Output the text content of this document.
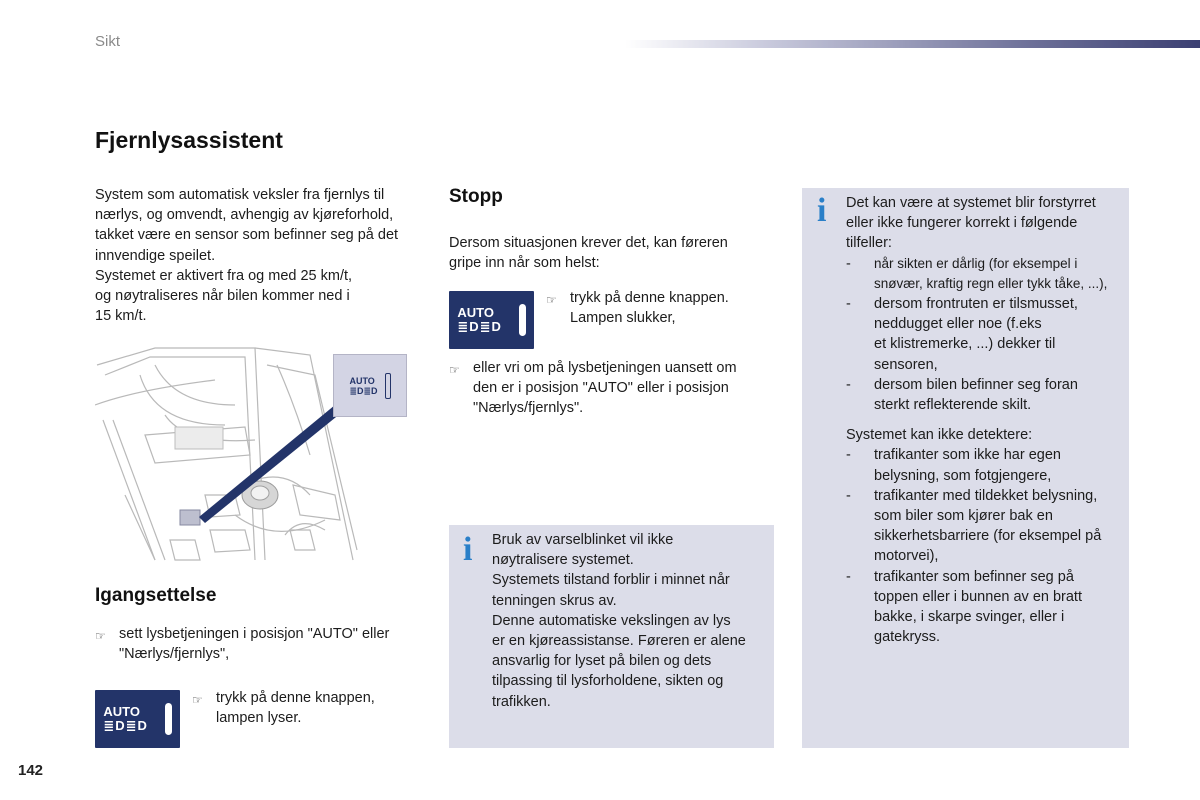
Sikt
Fjernlysassistent
System som automatisk veksler fra fjernlys til
nærlys, og omvendt, avhengig av kjøreforhold,
takket være en sensor som befinner seg på det
innvendige speilet.
Systemet er aktivert fra og med 25 km/t,
og nøytraliseres når bilen kommer ned i
15 km/t.
AUTO
≣D≣D
Igangsettelse
☞ sett lysbetjeningen i posisjon "AUTO" eller
"Nærlys/fjernlys",
AUTO
≣D≣D
☞ trykk på denne knappen,
lampen lyser.
Stopp
Dersom situasjonen krever det, kan føreren
gripe inn når som helst:
AUTO
≣D≣D
☞ trykk på denne knappen.
Lampen slukker,
☞ eller vri om på lysbetjeningen uansett om
den er i posisjon "AUTO" eller i posisjon
"Nærlys/fjernlys".
i Bruk av varselblinket vil ikke
nøytralisere systemet.
Systemets tilstand forblir i minnet når
tenningen skrus av.
Denne automatiske vekslingen av lys
er en kjøreassistanse. Føreren er alene
ansvarlig for lyset på bilen og dets
tilpassing til lysforholdene, sikten og
trafikken.
i Det kan være at systemet blir forstyrret
eller ikke fungerer korrekt i følgende
tilfeller:
-	når sikten er dårlig (for eksempel i
snøvær, kraftig regn eller tykk tåke, ...),
-	dersom frontruten er tilsmusset,
neddugget eller noe (f.eks
et klistremerke, ...) dekker til
sensoren,
-	dersom bilen befinner seg foran
sterkt reflekterende skilt.
Systemet kan ikke detektere:
-	trafikanter som ikke har egen
belysning, som fotgjengere,
-	trafikanter med tildekket belysning,
som biler som kjører bak en
sikkerhetsbarriere (for eksempel på
motorvei),
-	trafikanter som befinner seg på
toppen eller i bunnen av en bratt
bakke, i skarpe svinger, eller i
gatekryss.
142
